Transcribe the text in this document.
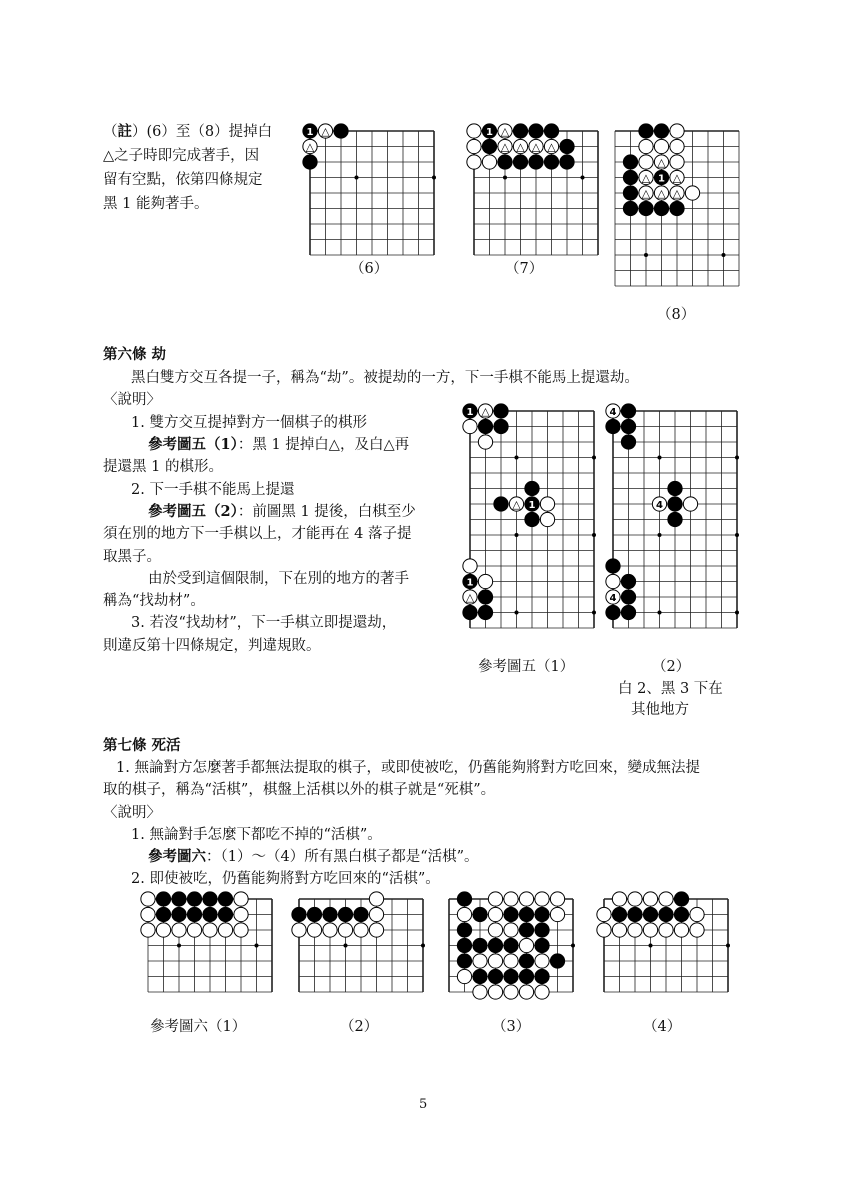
（註）(6）至（8）提掉白
△之子時即完成著手，因
留有空點，依第四條規定
黑 1 能夠著手。
1 △
△
1 △
△ △ △ △
△
△ 1 △
△ △ △
（6）	（7）
（8）
第六條 劫
黑白雙方交互各提一子，稱為“劫”。被提劫的一方，下一手棋不能馬上提還劫。
〈說明〉
1. 雙方交互提掉對方一個棋子的棋形
參考圖五（1）：黑 1 提掉白△，及白△再
提還黑 1 的棋形。
2. 下一手棋不能馬上提還
參考圖五（2）：前圖黑 1 提後，白棋至少
須在別的地方下一手棋以上，才能再在 4 落子提
取黑子。
由於受到這個限制，下在別的地方的著手
稱為“找劫材”。
3. 若沒“找劫材”，下一手棋立即提還劫，
則違反第十四條規定，判違規敗。
1 △
△ 1
1
△
4
4
4
參考圖五（1）	（2）
白 2、黑 3 下在
其他地方
第七條 死活
1. 無論對方怎麼著手都無法提取的棋子，或即使被吃，仍舊能夠將對方吃回來，變成無法提
取的棋子，稱為“活棋”，棋盤上活棋以外的棋子就是“死棋”。
〈說明〉
1. 無論對手怎麼下都吃不掉的“活棋”。
參考圖六：（1）～（4）所有黑白棋子都是“活棋”。
2. 即使被吃，仍舊能夠將對方吃回來的“活棋”。
參考圖六（1）	（2）	（3）	（4）
5
